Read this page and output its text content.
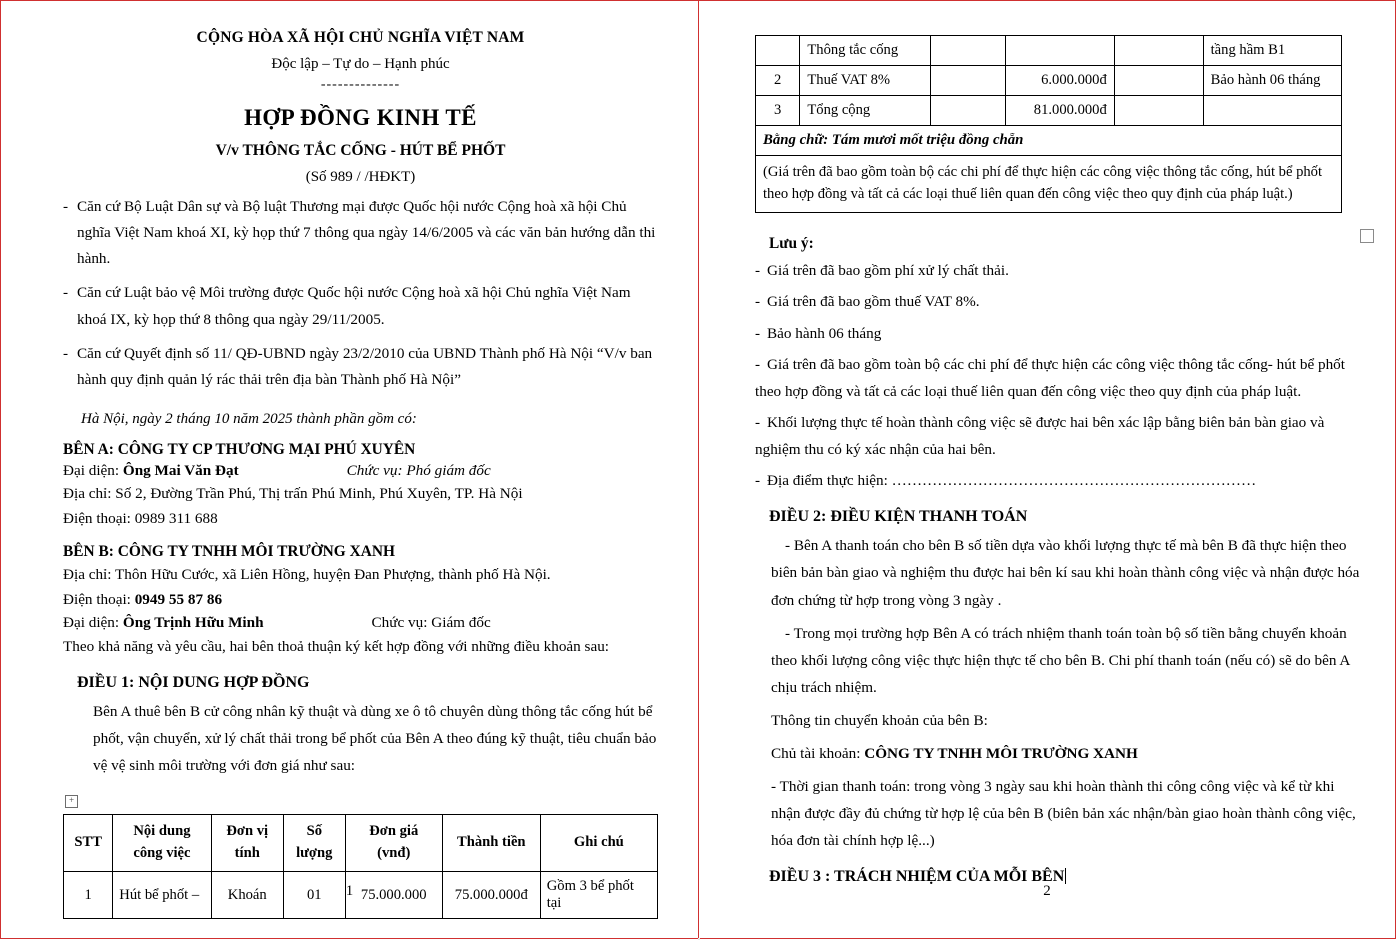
CỘNG HÒA XÃ HỘI CHỦ NGHĨA VIỆT NAM
Độc lập – Tự do – Hạnh phúc
--------------
HỢP ĐỒNG KINH TẾ
V/v THÔNG TẮC CỐNG - HÚT BỂ PHỐT
(Số 989 / /HĐKT)
- Căn cứ Bộ Luật Dân sự và Bộ luật Thương mại được Quốc hội nước Cộng hoà xã hội Chủ nghĩa Việt Nam khoá XI, kỳ họp thứ 7 thông qua ngày 14/6/2005 và các văn bản hướng dẫn thi hành.
- Căn cứ Luật bảo vệ Môi trường được Quốc hội nước Cộng hoà xã hội Chủ nghĩa Việt Nam khoá IX, kỳ họp thứ 8 thông qua ngày 29/11/2005.
- Căn cứ Quyết định số 11/ QĐ-UBND ngày 23/2/2010 của UBND Thành phố Hà Nội “V/v ban hành quy định quản lý rác thải trên địa bàn Thành phố Hà Nội”
Hà Nội, ngày 2 tháng 10 năm 2025 thành phần gồm có:
BÊN A: CÔNG TY CP THƯƠNG MẠI PHÚ XUYÊN
Đại diện: Ông Mai Văn Đạt	Chức vụ: Phó giám đốc
Địa chỉ: Số 2, Đường Trần Phú, Thị trấn Phú Minh, Phú Xuyên, TP. Hà Nội
Điện thoại: 0989 311 688
BÊN B: CÔNG TY TNHH MÔI TRƯỜNG XANH
Địa chỉ: Thôn Hữu Cước, xã Liên Hồng, huyện Đan Phượng, thành phố Hà Nội.
Điện thoại: 0949 55 87 86
Đại diện: Ông Trịnh Hữu Minh	Chức vụ: Giám đốc
Theo khả năng và yêu cầu, hai bên thoả thuận ký kết hợp đồng với những điều khoản sau:
ĐIỀU 1: NỘI DUNG HỢP ĐỒNG
Bên A thuê bên B cử công nhân kỹ thuật và dùng xe ô tô chuyên dùng thông tắc cống hút bể phốt, vận chuyển, xử lý chất thải trong bể phốt của Bên A theo đúng kỹ thuật, tiêu chuẩn bảo vệ vệ sinh môi trường với đơn giá như sau:
+
STT	Nội dung công việc	Đơn vị tính	Số lượng	Đơn giá (vnđ)	Thành tiền	Ghi chú
1	Hút bể phốt –	Khoán	01	75.000.000	75.000.000đ	Gồm 3 bể phốt tại
1
	Thông tắc cống				tầng hầm B1
2	Thuế VAT 8%		6.000.000đ		Bảo hành 06 tháng
3	Tổng cộng		81.000.000đ		
Bằng chữ: Tám mươi mốt triệu đồng chẵn					
(Giá trên đã bao gồm toàn bộ các chi phí để thực hiện các công việc thông tắc cống, hút bể phốt theo hợp đồng và tất cả các loại thuế liên quan đến công việc theo quy định của pháp luật.)					
Lưu ý:
- Giá trên đã bao gồm phí xử lý chất thải.
- Giá trên đã bao gồm thuế VAT 8%.
- Bảo hành 06 tháng
- Giá trên đã bao gồm toàn bộ các chi phí để thực hiện các công việc thông tắc cống- hút bể phốt theo hợp đồng và tất cả các loại thuế liên quan đến công việc theo quy định của pháp luật.
- Khối lượng thực tế hoàn thành công việc sẽ được hai bên xác lập bằng biên bản bàn giao và nghiệm thu có ký xác nhận của hai bên.
- Địa điểm thực hiện: ………………………………………………………………
ĐIỀU 2: ĐIỀU KIỆN THANH TOÁN
- Bên A thanh toán cho bên B số tiền dựa vào khối lượng thực tế mà bên B đã thực hiện theo biên bản bàn giao và nghiệm thu được hai bên kí sau khi hoàn thành công việc và nhận được hóa đơn chứng từ hợp trong vòng 3 ngày .
- Trong mọi trường hợp Bên A có trách nhiệm thanh toán toàn bộ số tiền bằng chuyển khoản theo khối lượng công việc thực hiện thực tế cho bên B. Chi phí thanh toán (nếu có) sẽ do bên A chịu trách nhiệm.
Thông tin chuyển khoản của bên B:
Chủ tài khoản: CÔNG TY TNHH MÔI TRƯỜNG XANH
- Thời gian thanh toán: trong vòng 3 ngày sau khi hoàn thành thi công công việc và kể từ khi nhận được đầy đủ chứng từ hợp lệ của bên B (biên bản xác nhận/bàn giao hoàn thành công việc, hóa đơn tài chính hợp lệ...)
ĐIỀU 3 : TRÁCH NHIỆM CỦA MỖI BÊN
2
